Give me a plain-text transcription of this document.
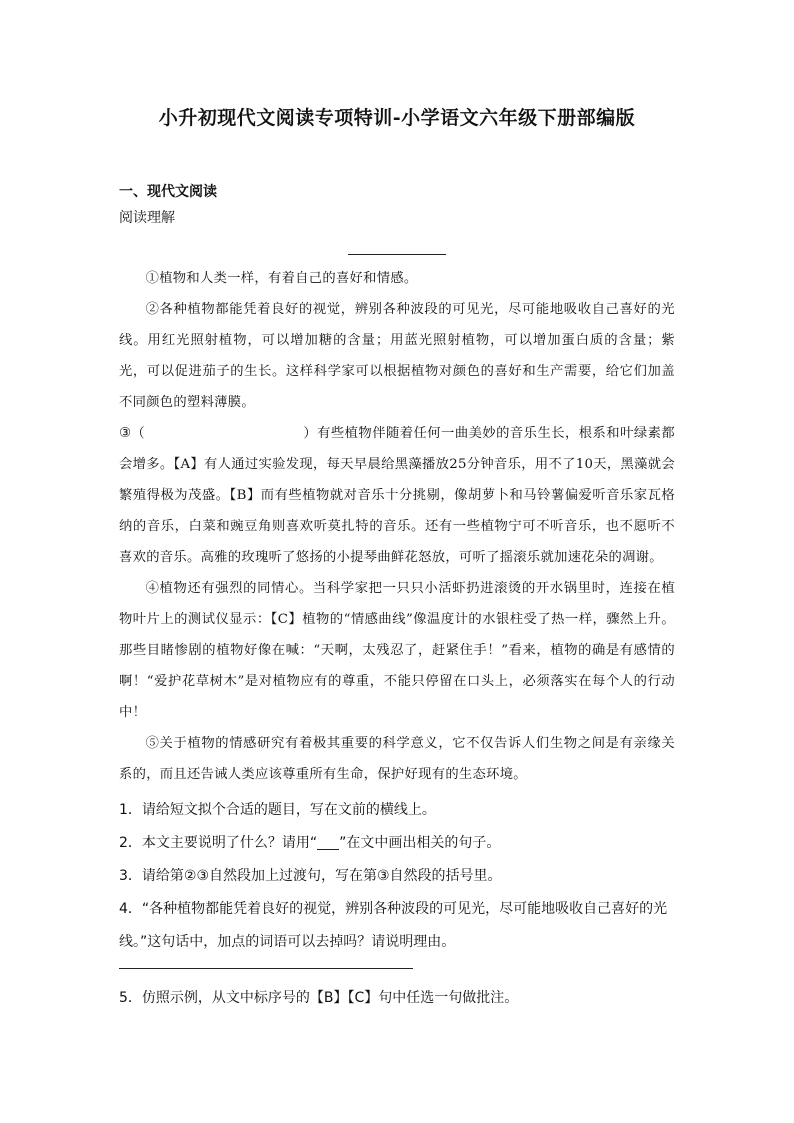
小升初现代文阅读专项特训-小学语文六年级下册部编版
一、现代文阅读
阅读理解

①植物和人类一样，有着自己的喜好和情感。

②各种植物都能凭着良好的视觉，辨别各种波段的可见光，尽可能地吸收自己喜好的光线。用红光照射植物，可以增加糖的含量；用蓝光照射植物，可以增加蛋白质的含量；紫光，可以促进茄子的生长。这样科学家可以根据植物对颜色的喜好和生产需要，给它们加盖不同颜色的塑料薄膜。

③（	）有些植物伴随着任何一曲美妙的音乐生长，根系和叶绿素都会增多。【A】有人通过实验发现，每天早晨给黑藻播放25分钟音乐，用不了10天，黑藻就会繁殖得极为茂盛。【B】而有些植物就对音乐十分挑剔，像胡萝卜和马铃薯偏爱听音乐家瓦格纳的音乐，白菜和豌豆角则喜欢听莫扎特的音乐。还有一些植物宁可不听音乐，也不愿听不喜欢的音乐。高雅的玫瑰听了悠扬的小提琴曲鲜花怒放，可听了摇滚乐就加速花朵的凋谢。

④植物还有强烈的同情心。当科学家把一只只小活虾扔进滚烫的开水锅里时，连接在植物叶片上的测试仪显示：【C】植物的“情感曲线”像温度计的水银柱受了热一样，骤然上升。那些目睹惨剧的植物好像在喊：“天啊，太残忍了，赶紧住手！”看来，植物的确是有感情的啊！“爱护花草树木”是对植物应有的尊重，不能只停留在口头上，必须落实在每个人的行动中！

⑤关于植物的情感研究有着极其重要的科学意义，它不仅告诉人们生物之间是有亲缘关系的，而且还告诫人类应该尊重所有生命，保护好现有的生态环境。

1．请给短文拟个合适的题目，写在文前的横线上。

2．本文主要说明了什么？请用“ ”在文中画出相关的句子。

3．请给第②③自然段加上过渡句，写在第③自然段的括号里。

4．“各种植物都能凭着良好的视觉，辨别各种波段的可见光，尽可能地吸收自己喜好的光线。”这句话中，加点的词语可以去掉吗？请说明理由。

5．仿照示例，从文中标序号的【B】【C】句中任选一句做批注。
